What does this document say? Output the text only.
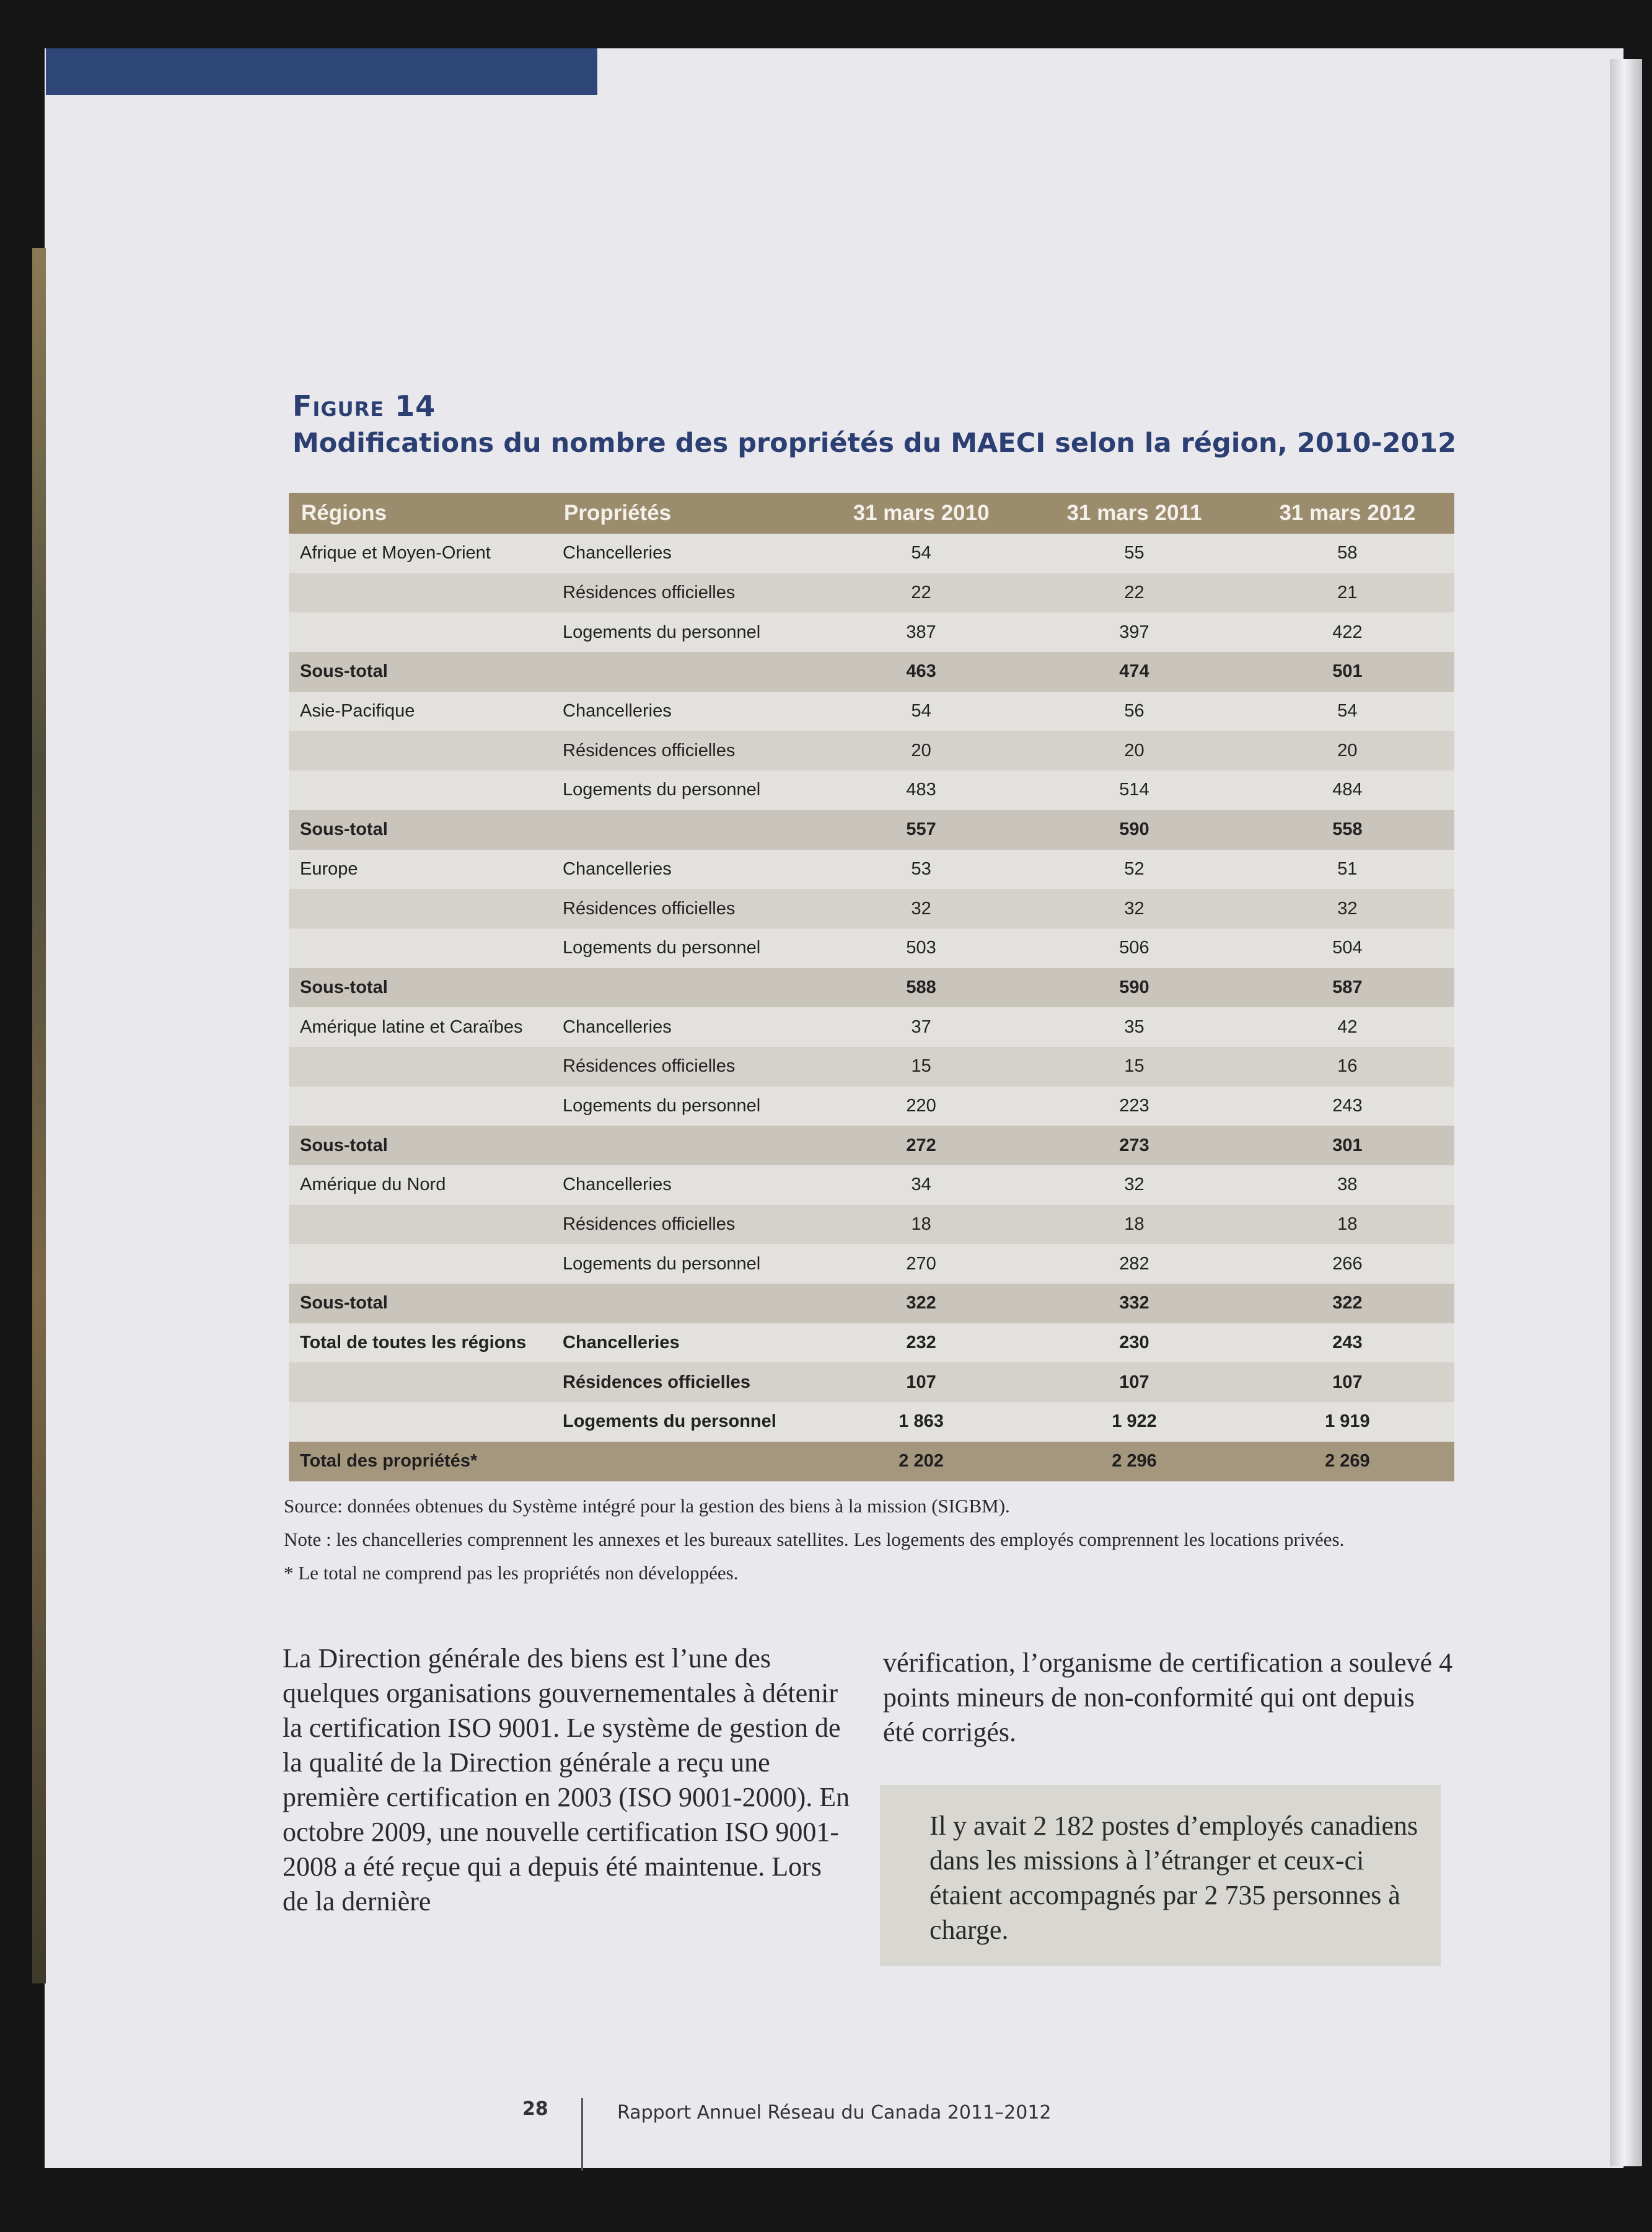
Figure 14
Modifications du nombre des propriétés du MAECI selon la région, 2010-2012
Régions	Propriétés	31 mars 2010	31 mars 2011	31 mars 2012
Afrique et Moyen-Orient	Chancelleries	54	55	58
	Résidences officielles	22	22	21
	Logements du personnel	387	397	422
Sous-total		463	474	501
Asie-Pacifique	Chancelleries	54	56	54
	Résidences officielles	20	20	20
	Logements du personnel	483	514	484
Sous-total		557	590	558
Europe	Chancelleries	53	52	51
	Résidences officielles	32	32	32
	Logements du personnel	503	506	504
Sous-total		588	590	587
Amérique latine et Caraïbes	Chancelleries	37	35	42
	Résidences officielles	15	15	16
	Logements du personnel	220	223	243
Sous-total		272	273	301
Amérique du Nord	Chancelleries	34	32	38
	Résidences officielles	18	18	18
	Logements du personnel	270	282	266
Sous-total		322	332	322
Total de toutes les régions	Chancelleries	232	230	243
	Résidences officielles	107	107	107
	Logements du personnel	1 863	1 922	1 919
Total des propriétés*		2 202	2 296	2 269

Source: données obtenues du Système intégré pour la gestion des biens à la mission (SIGBM).

Note : les chancelleries comprennent les annexes et les bureaux satellites. Les logements des employés comprennent les locations privées.

* Le total ne comprend pas les propriétés non développées.

La Direction générale des biens est l’une des quelques organisations gouvernementales à détenir la certification ISO 9001. Le système de gestion de la qualité de la Direction générale a reçu une première certification en 2003 (ISO 9001-2000). En octobre 2009, une nouvelle certification ISO 9001-2008 a été reçue qui a depuis été maintenue. Lors de la dernière
vérification, l’organisme de certification a soulevé 4 points mineurs de non-conformité qui ont depuis été corrigés.
Il y avait 2 182 postes d’employés canadiens dans les missions à l’étranger et ceux-ci étaient accompagnés par 2 735 personnes à charge.
28	Rapport Annuel Réseau du Canada 2011–2012
